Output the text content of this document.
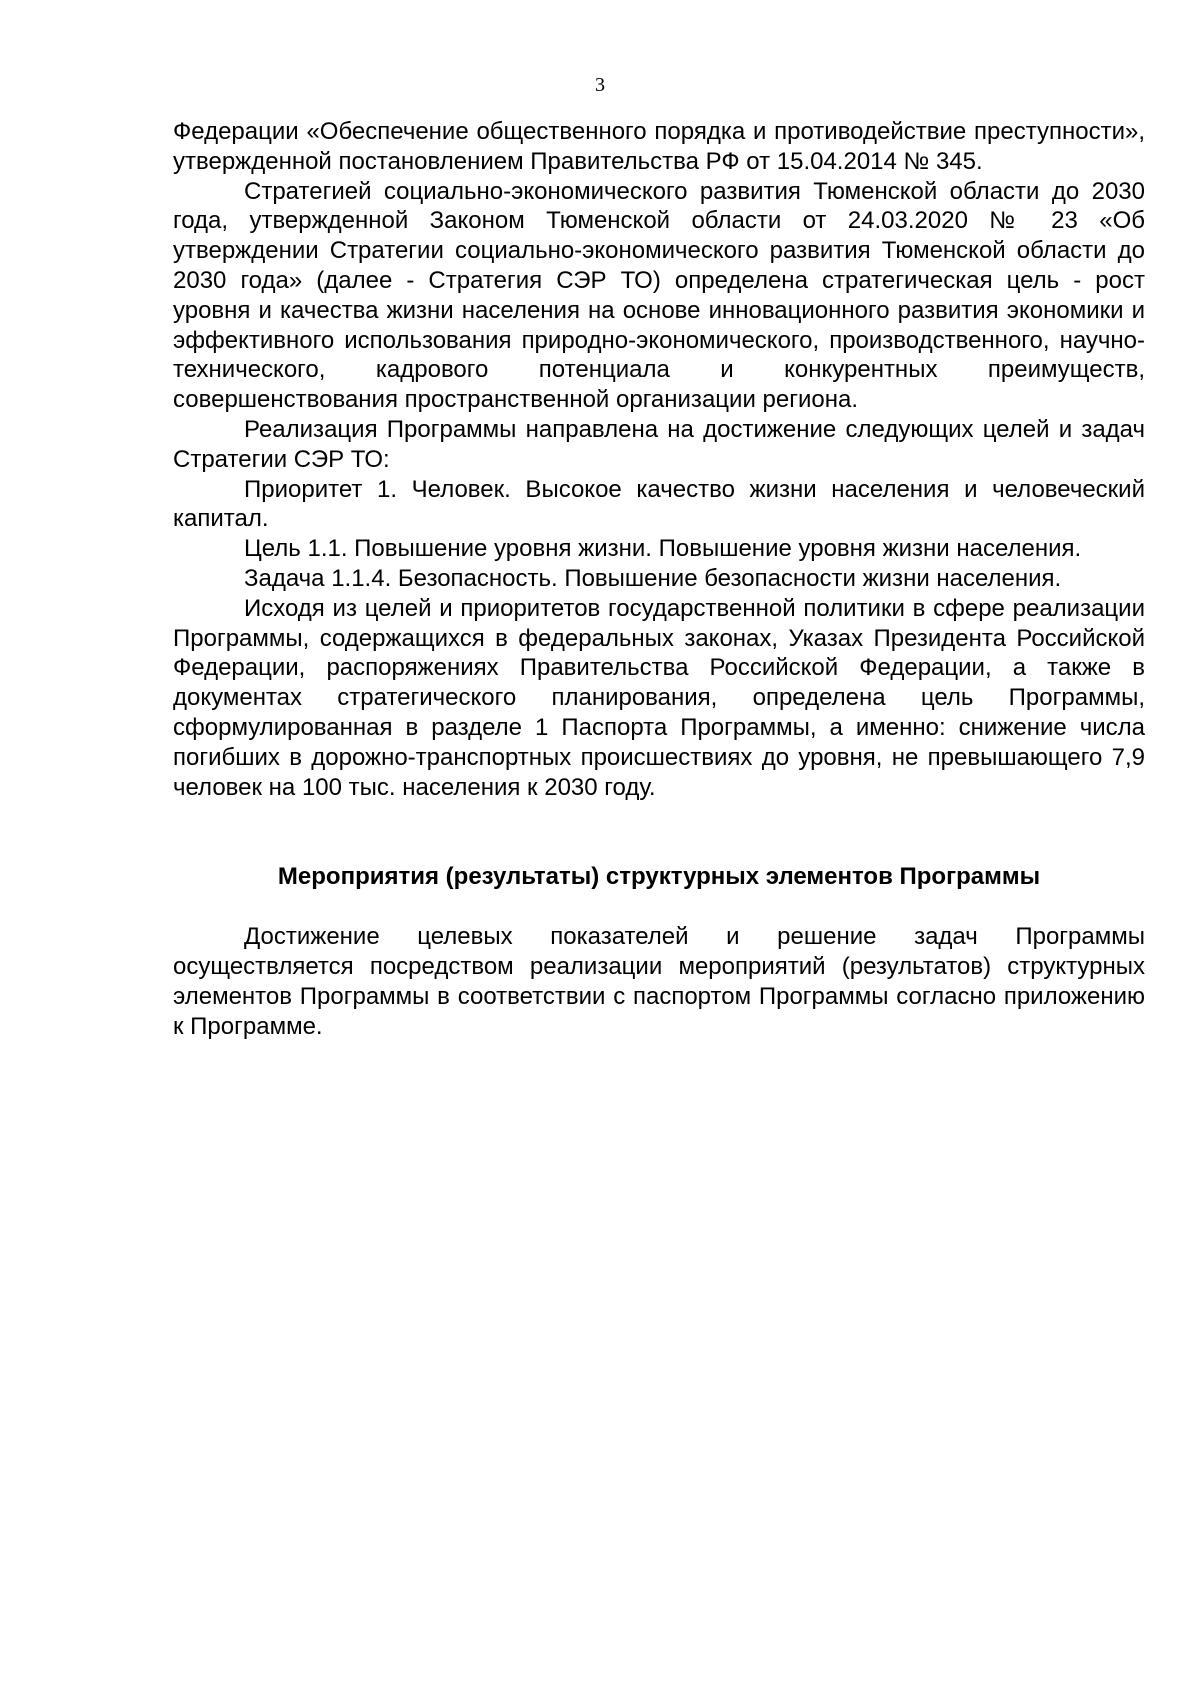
3

Федерации «Обеспечение общественного порядка и противодействие преступности», утвержденной постановлением Правительства РФ от 15.04.2014 № 345.

Стратегией социально-экономического развития Тюменской области до 2030 года, утвержденной Законом Тюменской области от 24.03.2020 № 23 «Об утверждении Стратегии социально-экономического развития Тюменской области до 2030 года» (далее - Стратегия СЭР ТО) определена стратегическая цель - рост уровня и качества жизни населения на основе инновационного развития экономики и эффективного использования природно-экономического, производственного, научно-технического, кадрового потенциала и конкурентных преимуществ, совершенствования пространственной организации региона.

Реализация Программы направлена на достижение следующих целей и задач Стратегии СЭР ТО:

Приоритет 1. Человек. Высокое качество жизни населения и человеческий капитал.

Цель 1.1. Повышение уровня жизни. Повышение уровня жизни населения.

Задача 1.1.4. Безопасность. Повышение безопасности жизни населения.

Исходя из целей и приоритетов государственной политики в сфере реализации Программы, содержащихся в федеральных законах, Указах Президента Российской Федерации, распоряжениях Правительства Российской Федерации, а также в документах стратегического планирования, определена цель Программы, сформулированная в разделе 1 Паспорта Программы, а именно: снижение числа погибших в дорожно-транспортных происшествиях до уровня, не превышающего 7,9 человек на 100 тыс. населения к 2030 году.

Мероприятия (результаты) структурных элементов Программы

Достижение целевых показателей и решение задач Программы осуществляется посредством реализации мероприятий (результатов) структурных элементов Программы в соответствии с паспортом Программы согласно приложению к Программе.
